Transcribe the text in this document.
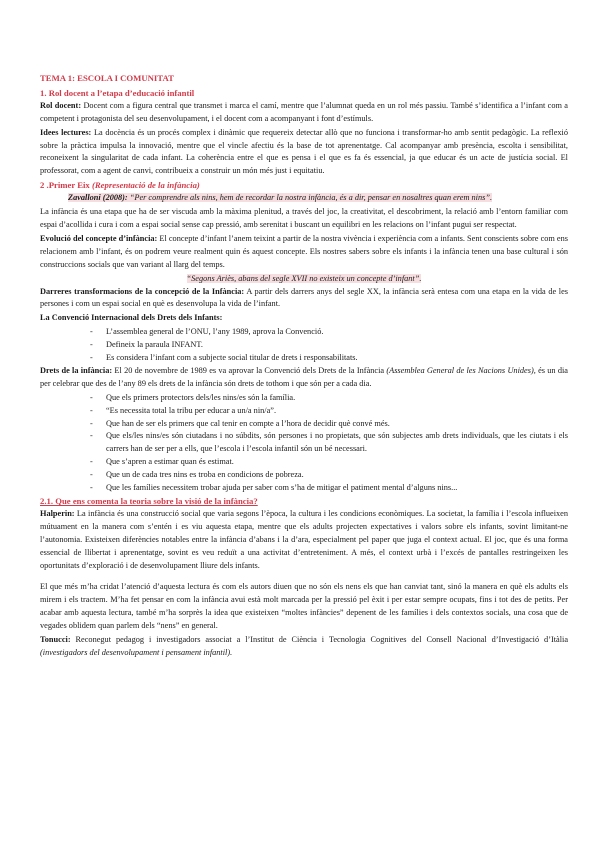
TEMA 1: ESCOLA I COMUNITAT
1. Rol docent a l’etapa d’educació infantil

Rol docent: Docent com a figura central que transmet i marca el camí, mentre que l’alumnat queda en un rol més passiu. També s’identifica a l’infant com a competent i protagonista del seu desenvolupament, i el docent com a acompanyant i font d’estímuls.

Idees lectures: La docència és un procés complex i dinàmic que requereix detectar allò que no funciona i transformar-ho amb sentit pedagògic. La reflexió sobre la pràctica impulsa la innovació, mentre que el vincle afectiu és la base de tot aprenentatge. Cal acompanyar amb presència, escolta i sensibilitat, reconeixent la singularitat de cada infant. La coherència entre el que es pensa i el que es fa és essencial, ja que educar és un acte de justícia social. El professorat, com a agent de canvi, contribueix a construir un món més just i equitatiu.

2 .Primer Eix (Representació de la infància)

Zavalloni (2008): “Per comprendre als nins, hem de recordar la nostra infància, és a dir, pensar en nosaltres quan erem nins”.

La infància és una etapa que ha de ser viscuda amb la màxima plenitud, a través del joc, la creativitat, el descobriment, la relació amb l’entorn familiar com espai d’acollida i cura i com a espai social sense cap pressió, amb serenitat i buscant un equilibri en les relacions on l’infant pugui ser respectat.

Evolució del concepte d’infància: El concepte d’infant l’anem teixint a partir de la nostra vivència i experiència com a infants. Sent conscients sobre com ens relacionem amb l’infant, és on podrem veure realment quin és aquest concepte. Els nostres sabers sobre els infants i la infància tenen una base cultural i són construccions socials que van variant al llarg del temps.

“Segons Ariès, abans del segle XVII no existeix un concepte d’infant”.

Darreres transformacions de la concepció de la Infància: A partir dels darrers anys del segle XX, la infància serà entesa com una etapa en la vida de les persones i com un espai social en què es desenvolupa la vida de l’infant.

La Convenció Internacional dels Drets dels Infants:

- L’assemblea general de l’ONU, l’any 1989, aprova la Convenció.
- Defineix la paraula INFANT.
- Es considera l’infant com a subjecte social titular de drets i responsabilitats.

Drets de la infància: El 20 de novembre de 1989 es va aprovar la Convenció dels Drets de la Infància (Assemblea General de les Nacions Unides), és un dia per celebrar que des de l’any 89 els drets de la infància són drets de tothom i que són per a cada dia.

- Que els primers protectors dels/les nins/es són la família.
- “Es necessita total la tribu per educar a un/a nin/a”.
- Que han de ser els primers que cal tenir en compte a l’hora de decidir què convé més.
- Que els/les nins/es són ciutadans i no súbdits, són persones i no propietats, que són subjectes amb drets individuals, que les ciutats i els carrers han de ser per a ells, que l’escola i l’escola infantil són un bé necessari.
- Que s’apren a estimar quan és estimat.
- Que un de cada tres nins es troba en condicions de pobreza.
- Que les famílies necessitem trobar ajuda per saber com s’ha de mitigar el patiment mental d’alguns nins...
2.1. Que ens comenta la teoria sobre la visió de la infància?

Halperin: La infància és una construcció social que varia segons l’època, la cultura i les condicions econòmiques. La societat, la família i l’escola influeixen mútuament en la manera com s’entén i es viu aquesta etapa, mentre que els adults projecten expectatives i valors sobre els infants, sovint limitant-ne l’autonomia. Existeixen diferències notables entre la infància d’abans i la d’ara, especialment pel paper que juga el context actual. El joc, que és una forma essencial de llibertat i aprenentatge, sovint es veu reduït a una activitat d’entreteniment. A més, el context urbà i l’excés de pantalles restringeixen les oportunitats d’exploració i de desenvolupament lliure dels infants.

El que més m’ha cridat l’atenció d’aquesta lectura és com els autors diuen que no són els nens els que han canviat tant, sinó la manera en què els adults els mirem i els tractem. M’ha fet pensar en com la infància avui està molt marcada per la pressió pel èxit i per estar sempre ocupats, fins i tot des de petits. Per acabar amb aquesta lectura, també m’ha sorprès la idea que existeixen “moltes infàncies” depenent de les famílies i dels contextos socials, una cosa que de vegades oblidem quan parlem dels “nens” en general.

Tonucci: Reconegut pedagog i investigadors associat a l’Institut de Ciència i Tecnologia Cognitives del Consell Nacional d’Investigació d’Itàlia (investigadors del desenvolupament i pensament infantil).
